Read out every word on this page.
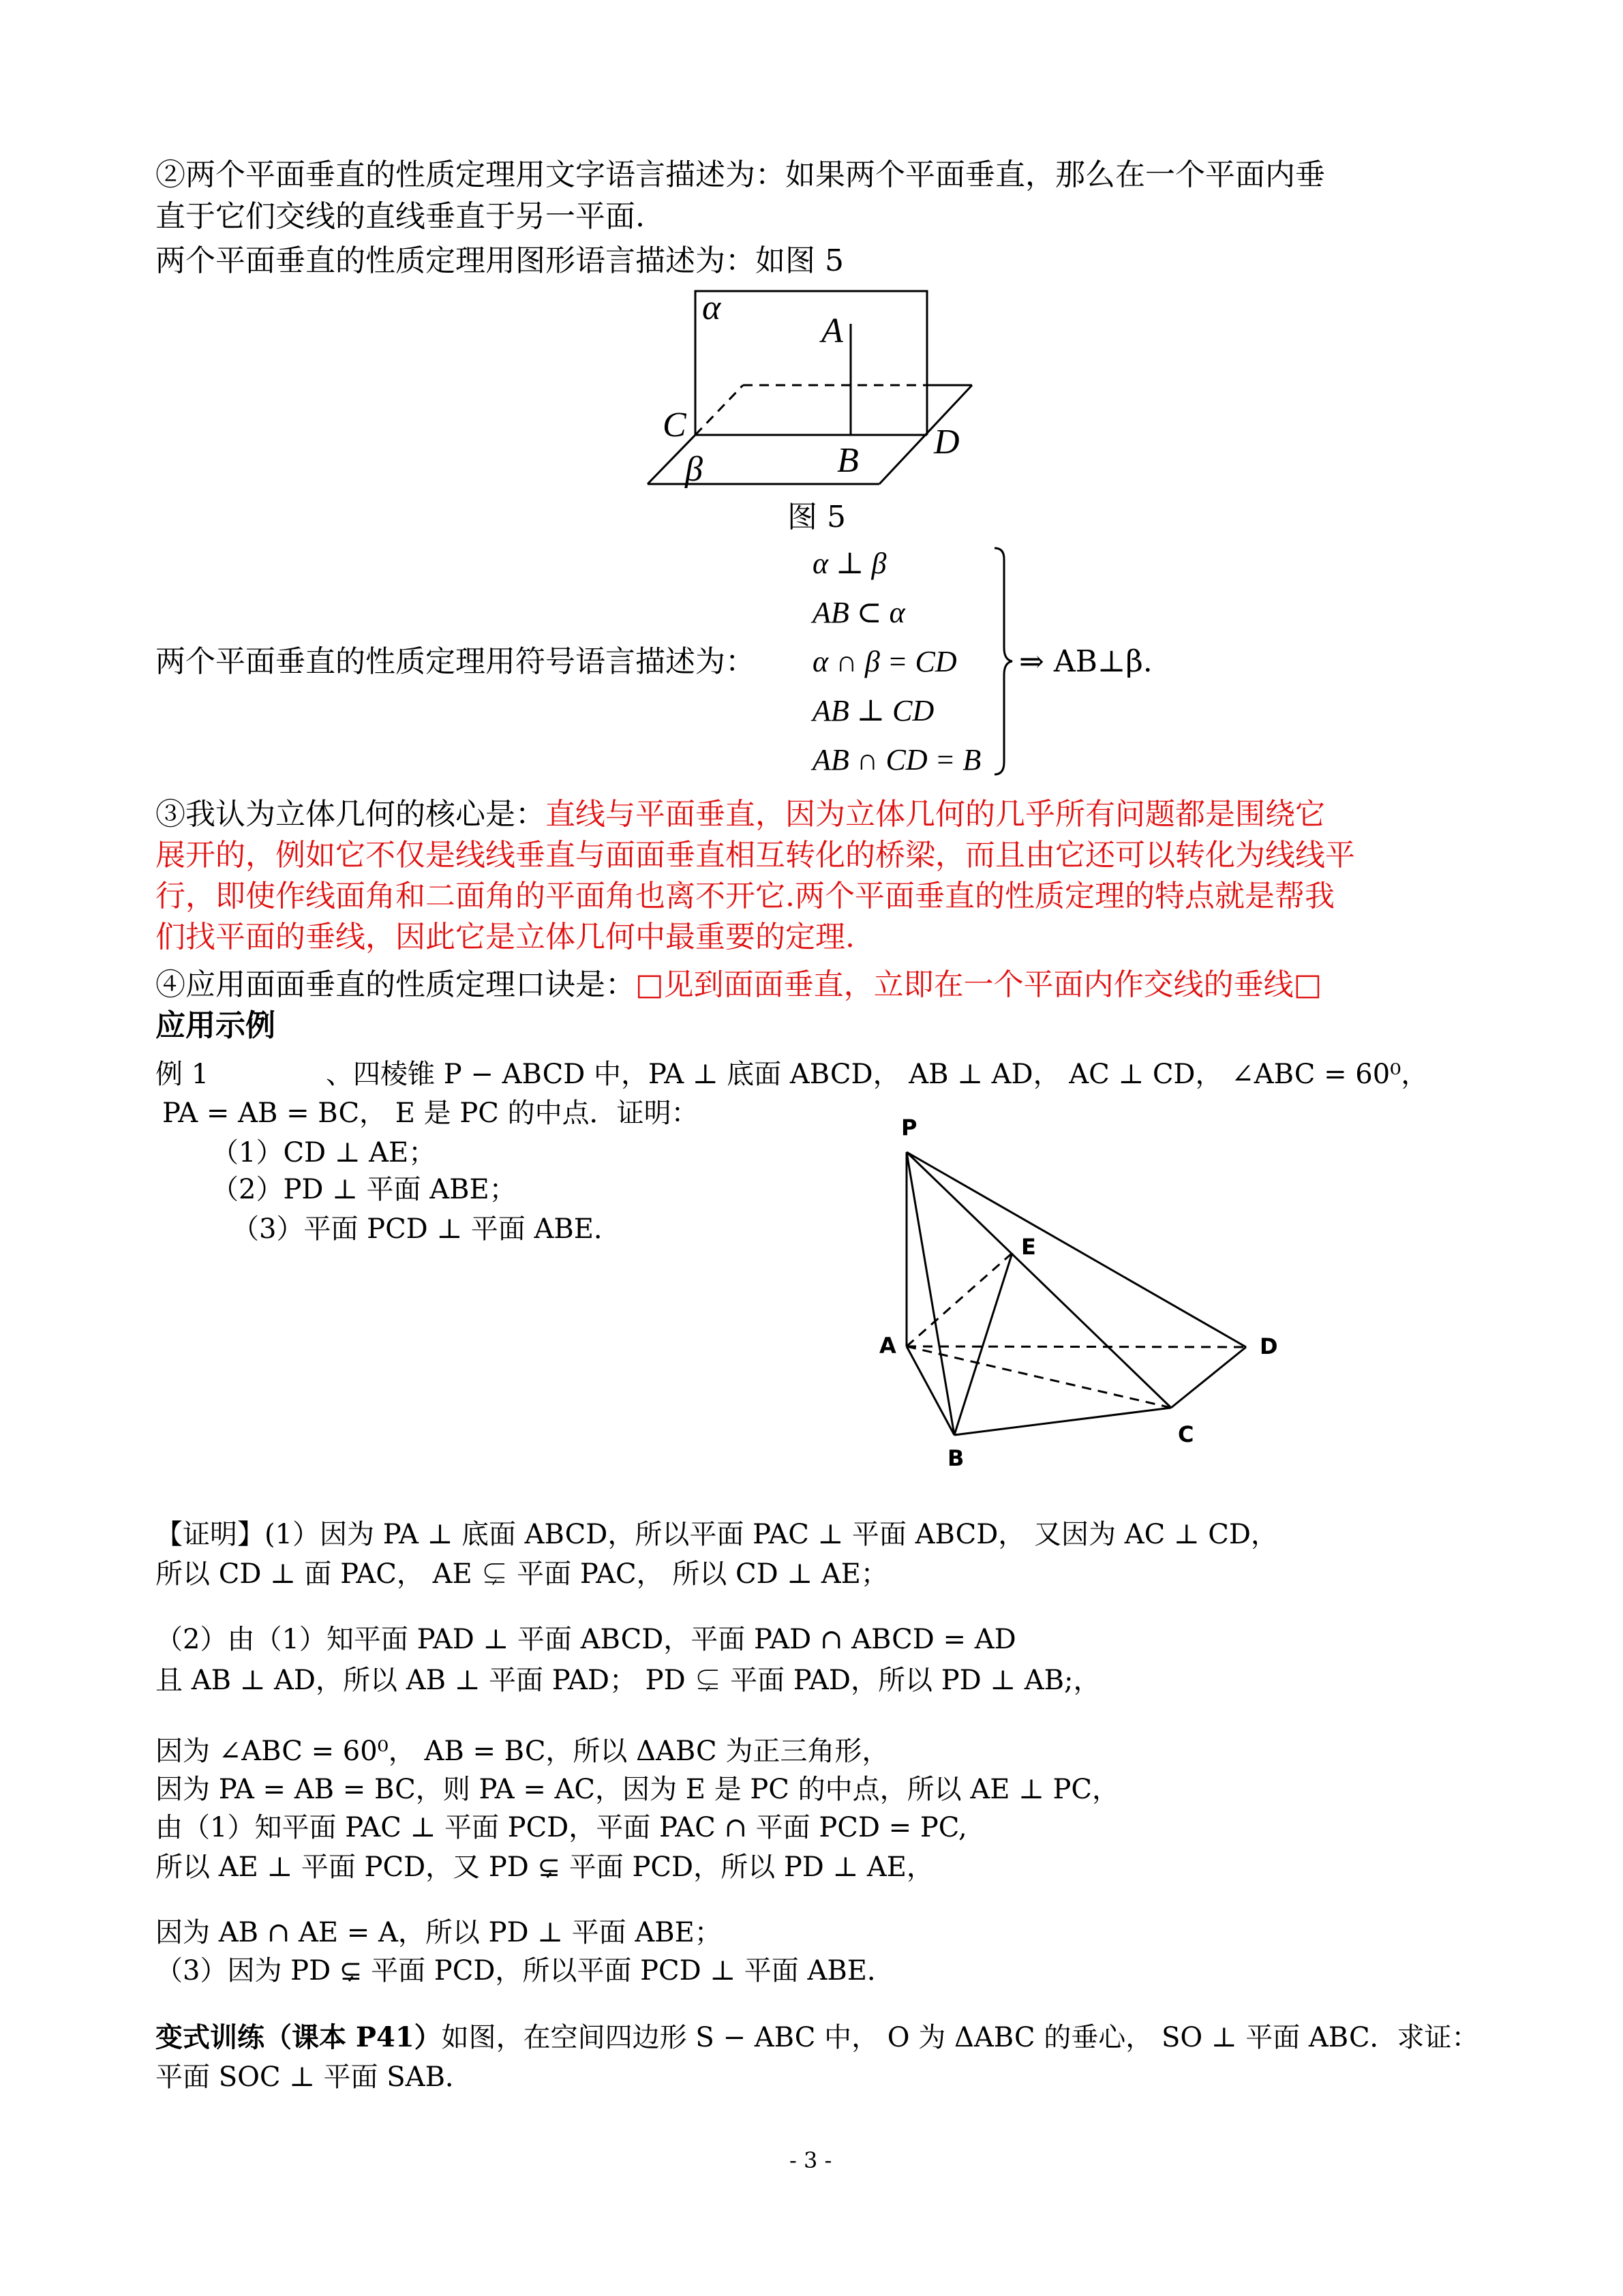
②两个平面垂直的性质定理用文字语言描述为：如果两个平面垂直，那么在一个平面内垂
直于它们交线的直线垂直于另一平面.
两个平面垂直的性质定理用图形语言描述为：如图 5
α
A
C
B D
β
图 5
两个平面垂直的性质定理用符号语言描述为：
α ⊥ β
AB ⊂ α
α ∩ β = CD
AB ⊥ CD
AB ∩ CD = B
⇒ AB⊥β.
③我认为立体几何的核心是：直线与平面垂直，因为立体几何的几乎所有问题都是围绕它
展开的，例如它不仅是线线垂直与面面垂直相互转化的桥梁，而且由它还可以转化为线线平
行，即使作线面角和二面角的平面角也离不开它.两个平面垂直的性质定理的特点就是帮我
们找平面的垂线，因此它是立体几何中最重要的定理.
④应用面面垂直的性质定理口诀是：□见到面面垂直，立即在一个平面内作交线的垂线□
应用示例
例 1	、四棱锥 P − ABCD 中，PA ⊥ 底面 ABCD， AB ⊥ AD， AC ⊥ CD， ∠ABC = 60⁰，
PA = AB = BC， E 是 PC 的中点．证明：
（1）CD ⊥ AE；
（2）PD ⊥ 平面 ABE；
（3）平面 PCD ⊥ 平面 ABE．
P
E
A	D
C
B
【证明】(1）因为 PA ⊥ 底面 ABCD，所以平面 PAC ⊥ 平面 ABCD， 又因为 AC ⊥ CD，
所以 CD ⊥ 面 PAC， AE ⊊ 平面 PAC， 所以 CD ⊥ AE；
（2）由（1）知平面 PAD ⊥ 平面 ABCD，平面 PAD ∩ ABCD = AD
且 AB ⊥ AD，所以 AB ⊥ 平面 PAD； PD ⊊ 平面 PAD，所以 PD ⊥ AB;，
因为 ∠ABC = 60⁰， AB = BC，所以 ΔABC 为正三角形，
因为 PA = AB = BC，则 PA = AC，因为 E 是 PC 的中点，所以 AE ⊥ PC，
由（1）知平面 PAC ⊥ 平面 PCD，平面 PAC ∩ 平面 PCD = PC,
所以 AE ⊥ 平面 PCD，又 PD ⊊ 平面 PCD，所以 PD ⊥ AE，
因为 AB ∩ AE = A，所以 PD ⊥ 平面 ABE；
（3）因为 PD ⊊ 平面 PCD，所以平面 PCD ⊥ 平面 ABE．
变式训练（课本 P41）如图，在空间四边形 S − ABC 中， O 为 ΔABC 的垂心， SO ⊥ 平面 ABC．求证：
平面 SOC ⊥ 平面 SAB．
- 3 -
